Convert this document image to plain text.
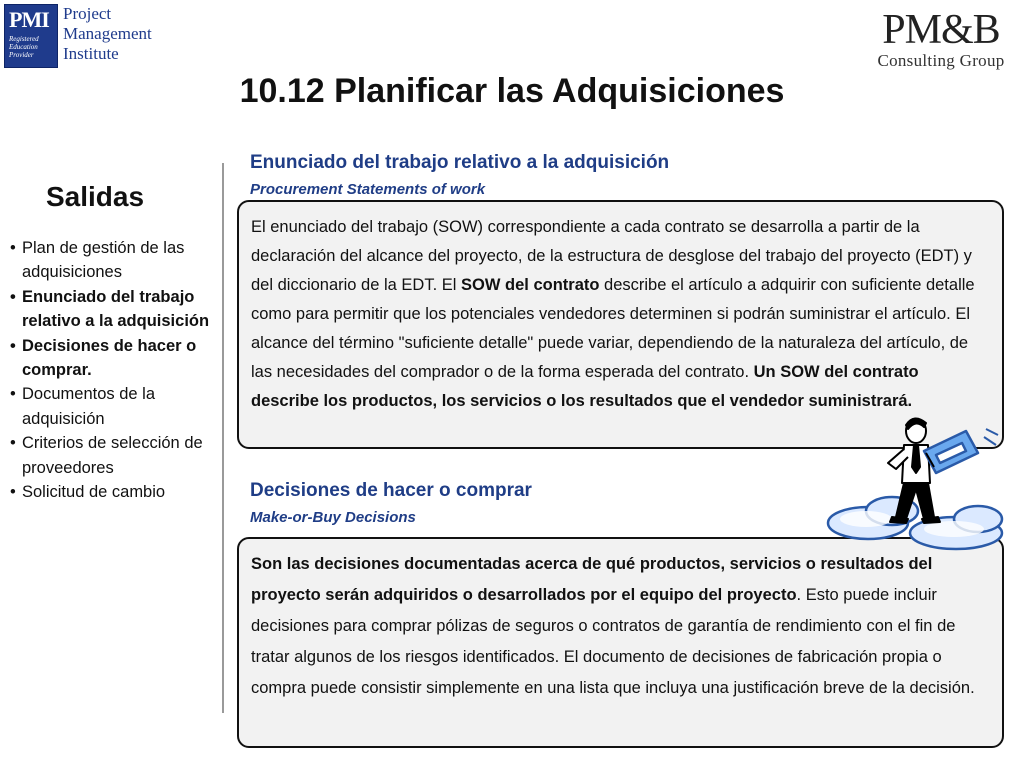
PMI
Registered
Education
Provider
Project
Management
Institute
PM&B
Consulting Group
10.12 Planificar las Adquisiciones
Salidas
• Plan de gestión de las adquisiciones
• Enunciado del trabajo relativo a la adquisición
• Decisiones de hacer o comprar.
• Documentos de la adquisición
• Criterios de selección de proveedores
• Solicitud de cambio
Enunciado del trabajo relativo a la adquisición
Procurement Statements of work

El enunciado del trabajo (SOW) correspondiente a cada contrato se desarrolla a partir de la declaración del alcance del proyecto, de la estructura de desglose del trabajo del proyecto (EDT) y del diccionario de la EDT. El SOW del contrato describe el artículo a adquirir con suficiente detalle como para permitir que los potenciales vendedores determinen si podrán suministrar el artículo. El alcance del término "suficiente detalle" puede variar, dependiendo de la naturaleza del artículo, de las necesidades del comprador o de la forma esperada del contrato. Un SOW del contrato describe los productos, los servicios o los resultados que el vendedor suministrará.

Decisiones de hacer o comprar
Make-or-Buy Decisions

Son las decisiones documentadas acerca de qué productos, servicios o resultados del proyecto serán adquiridos o desarrollados por el equipo del proyecto. Esto puede incluir decisiones para comprar pólizas de seguros o contratos de garantía de rendimiento con el fin de tratar algunos de los riesgos identificados. El documento de decisiones de fabricación propia o compra puede consistir simplemente en una lista que incluya una justificación breve de la decisión.
